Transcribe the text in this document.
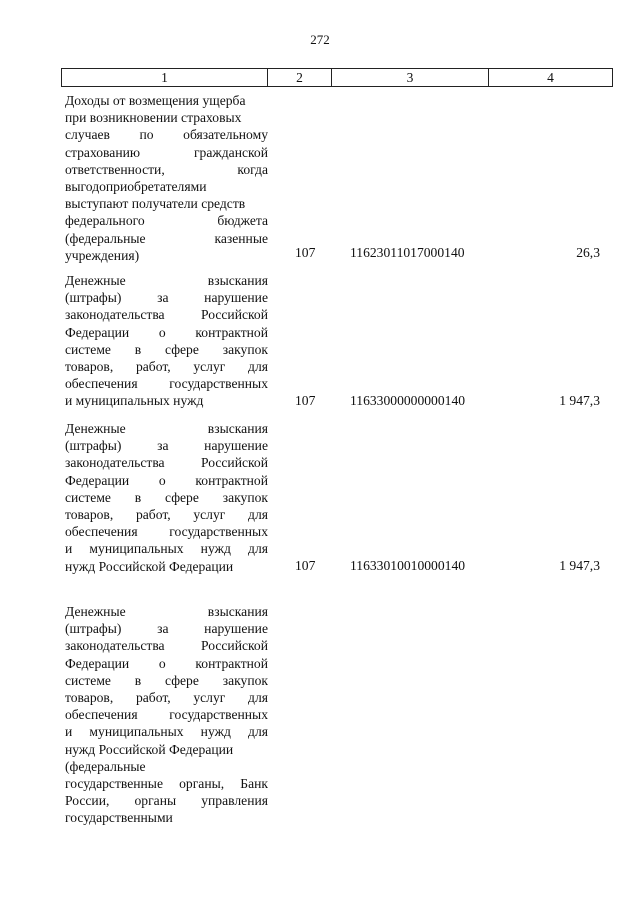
272
1	2	3	4
Доходы от возмещения ущерба
при возникновении страховых
случаев по обязательному
страхованию гражданской
ответственности, когда
выгодоприобретателями
выступают получатели средств
федерального бюджета
(федеральные казенные
учреждения)	107	11623011017000140	26,3
Денежные взыскания
(штрафы) за нарушение
законодательства Российской
Федерации о контрактной
системе в сфере закупок
товаров, работ, услуг для
обеспечения государственных
и муниципальных нужд	107	11633000000000140	1 947,3
Денежные взыскания
(штрафы) за нарушение
законодательства Российской
Федерации о контрактной
системе в сфере закупок
товаров, работ, услуг для
обеспечения государственных
и муниципальных нужд для
нужд Российской Федерации	107	11633010010000140	1 947,3
Денежные взыскания
(штрафы) за нарушение
законодательства Российской
Федерации о контрактной
системе в сфере закупок
товаров, работ, услуг для
обеспечения государственных
и муниципальных нужд для
нужд Российской Федерации
(федеральные
государственные органы, Банк
России, органы управления
государственными
